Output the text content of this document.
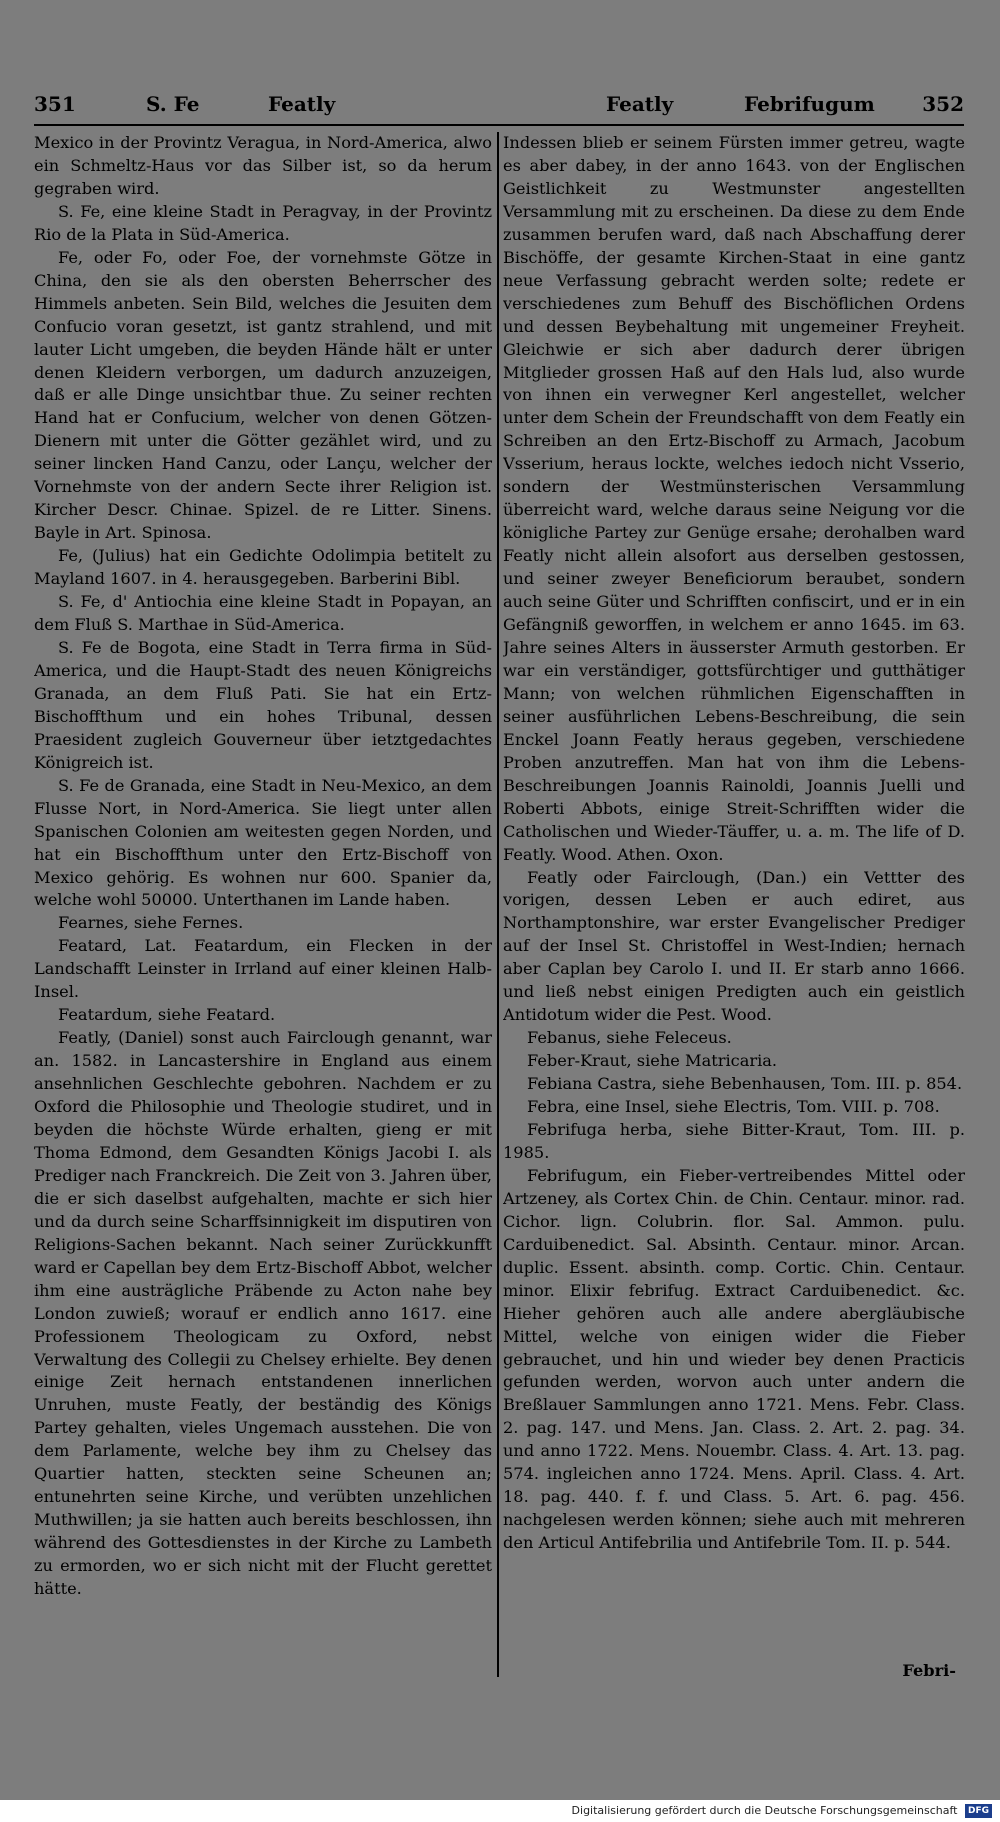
351	S. Fe	Featly	Featly	Febrifugum 352

Mexico in der Provintz Veragua, in Nord-America, alwo ein Schmeltz-Haus vor das Silber ist, so da herum gegraben wird.

S. Fe, eine kleine Stadt in Peragvay, in der Provintz Rio de la Plata in Süd-America.

Fe, oder Fo, oder Foe, der vornehmste Götze in China, den sie als den obersten Beherrscher des Himmels anbeten. Sein Bild, welches die Jesuiten dem Confucio voran gesetzt, ist gantz strahlend, und mit lauter Licht umgeben, die beyden Hände hält er unter denen Kleidern verborgen, um dadurch anzuzeigen, daß er alle Dinge unsichtbar thue. Zu seiner rechten Hand hat er Confucium, welcher von denen Götzen-Dienern mit unter die Götter gezählet wird, und zu seiner lincken Hand Canzu, oder Lançu, welcher der Vornehmste von der andern Secte ihrer Religion ist. Kircher Descr. Chinae. Spizel. de re Litter. Sinens. Bayle in Art. Spinosa.

Fe, (Julius) hat ein Gedichte Odolimpia betitelt zu Mayland 1607. in 4. herausgegeben. Barberini Bibl.

S. Fe, d' Antiochia eine kleine Stadt in Popayan, an dem Fluß S. Marthae in Süd-America.

S. Fe de Bogota, eine Stadt in Terra firma in Süd-America, und die Haupt-Stadt des neuen Königreichs Granada, an dem Fluß Pati. Sie hat ein Ertz-Bischoffthum und ein hohes Tribunal, dessen Praesident zugleich Gouverneur über ietztgedachtes Königreich ist.

S. Fe de Granada, eine Stadt in Neu-Mexico, an dem Flusse Nort, in Nord-America. Sie liegt unter allen Spanischen Colonien am weitesten gegen Norden, und hat ein Bischoffthum unter den Ertz-Bischoff von Mexico gehörig. Es wohnen nur 600. Spanier da, welche wohl 50000. Unterthanen im Lande haben.

Fearnes, siehe Fernes.

Featard, Lat. Featardum, ein Flecken in der Landschafft Leinster in Irrland auf einer kleinen Halb-Insel.

Featardum, siehe Featard.

Featly, (Daniel) sonst auch Fairclough genannt, war an. 1582. in Lancastershire in England aus einem ansehnlichen Geschlechte gebohren. Nachdem er zu Oxford die Philosophie und Theologie studiret, und in beyden die höchste Würde erhalten, gieng er mit Thoma Edmond, dem Gesandten Königs Jacobi I. als Prediger nach Franckreich. Die Zeit von 3. Jahren über, die er sich daselbst aufgehalten, machte er sich hier und da durch seine Scharffsinnigkeit im disputiren von Religions-Sachen bekannt. Nach seiner Zurückkunfft ward er Capellan bey dem Ertz-Bischoff Abbot, welcher ihm eine austrägliche Präbende zu Acton nahe bey London zuwieß; worauf er endlich anno 1617. eine Professionem Theologicam zu Oxford, nebst Verwaltung des Collegii zu Chelsey erhielte. Bey denen einige Zeit hernach entstandenen innerlichen Unruhen, muste Featly, der beständig des Königs Partey gehalten, vieles Ungemach ausstehen. Die von dem Parlamente, welche bey ihm zu Chelsey das Quartier hatten, steckten seine Scheunen an; entunehrten seine Kirche, und verübten unzehlichen Muthwillen; ja sie hatten auch bereits beschlossen, ihn während des Gottesdienstes in der Kirche zu Lambeth zu ermorden, wo er sich nicht mit der Flucht gerettet hätte.

Indessen blieb er seinem Fürsten immer getreu, wagte es aber dabey, in der anno 1643. von der Englischen Geistlichkeit zu Westmunster angestellten Versammlung mit zu erscheinen. Da diese zu dem Ende zusammen berufen ward, daß nach Abschaffung derer Bischöffe, der gesamte Kirchen-Staat in eine gantz neue Verfassung gebracht werden solte; redete er verschiedenes zum Behuff des Bischöflichen Ordens und dessen Beybehaltung mit ungemeiner Freyheit. Gleichwie er sich aber dadurch derer übrigen Mitglieder grossen Haß auf den Hals lud, also wurde von ihnen ein verwegner Kerl angestellet, welcher unter dem Schein der Freundschafft von dem Featly ein Schreiben an den Ertz-Bischoff zu Armach, Jacobum Vsserium, heraus lockte, welches iedoch nicht Vsserio, sondern der Westmünsterischen Versammlung überreicht ward, welche daraus seine Neigung vor die königliche Partey zur Genüge ersahe; derohalben ward Featly nicht allein alsofort aus derselben gestossen, und seiner zweyer Beneficiorum beraubet, sondern auch seine Güter und Schrifften confiscirt, und er in ein Gefängniß geworffen, in welchem er anno 1645. im 63. Jahre seines Alters in äusserster Armuth gestorben. Er war ein verständiger, gottsfürchtiger und gutthätiger Mann; von welchen rühmlichen Eigenschafften in seiner ausführlichen Lebens-Beschreibung, die sein Enckel Joann Featly heraus gegeben, verschiedene Proben anzutreffen. Man hat von ihm die Lebens-Beschreibungen Joannis Rainoldi, Joannis Juelli und Roberti Abbots, einige Streit-Schrifften wider die Catholischen und Wieder-Täuffer, u. a. m. The life of D. Featly. Wood. Athen. Oxon.

Featly oder Fairclough, (Dan.) ein Vettter des vorigen, dessen Leben er auch ediret, aus Northamptonshire, war erster Evangelischer Prediger auf der Insel St. Christoffel in West-Indien; hernach aber Caplan bey Carolo I. und II. Er starb anno 1666. und ließ nebst einigen Predigten auch ein geistlich Antidotum wider die Pest. Wood.

Febanus, siehe Feleceus.

Feber-Kraut, siehe Matricaria.

Febiana Castra, siehe Bebenhausen, Tom. III. p. 854.

Febra, eine Insel, siehe Electris, Tom. VIII. p. 708.

Febrifuga herba, siehe Bitter-Kraut, Tom. III. p. 1985.

Febrifugum, ein Fieber-vertreibendes Mittel oder Artzeney, als Cortex Chin. de Chin. Centaur. minor. rad. Cichor. lign. Colubrin. flor. Sal. Ammon. pulu. Carduibenedict. Sal. Absinth. Centaur. minor. Arcan. duplic. Essent. absinth. comp. Cortic. Chin. Centaur. minor. Elixir febrifug. Extract Carduibenedict. &c. Hieher gehören auch alle andere abergläubische Mittel, welche von einigen wider die Fieber gebrauchet, und hin und wieder bey denen Practicis gefunden werden, worvon auch unter andern die Breßlauer Sammlungen anno 1721. Mens. Febr. Class. 2. pag. 147. und Mens. Jan. Class. 2. Art. 2. pag. 34. und anno 1722. Mens. Nouembr. Class. 4. Art. 13. pag. 574. ingleichen anno 1724. Mens. April. Class. 4. Art. 18. pag. 440. f. f. und Class. 5. Art. 6. pag. 456. nachgelesen werden können; siehe auch mit mehreren den Articul Antifebrilia und Antifebrile Tom. II. p. 544.

Febri-
Digitalisierung gefördert durch die Deutsche Forschungsgemeinschaft DFG
